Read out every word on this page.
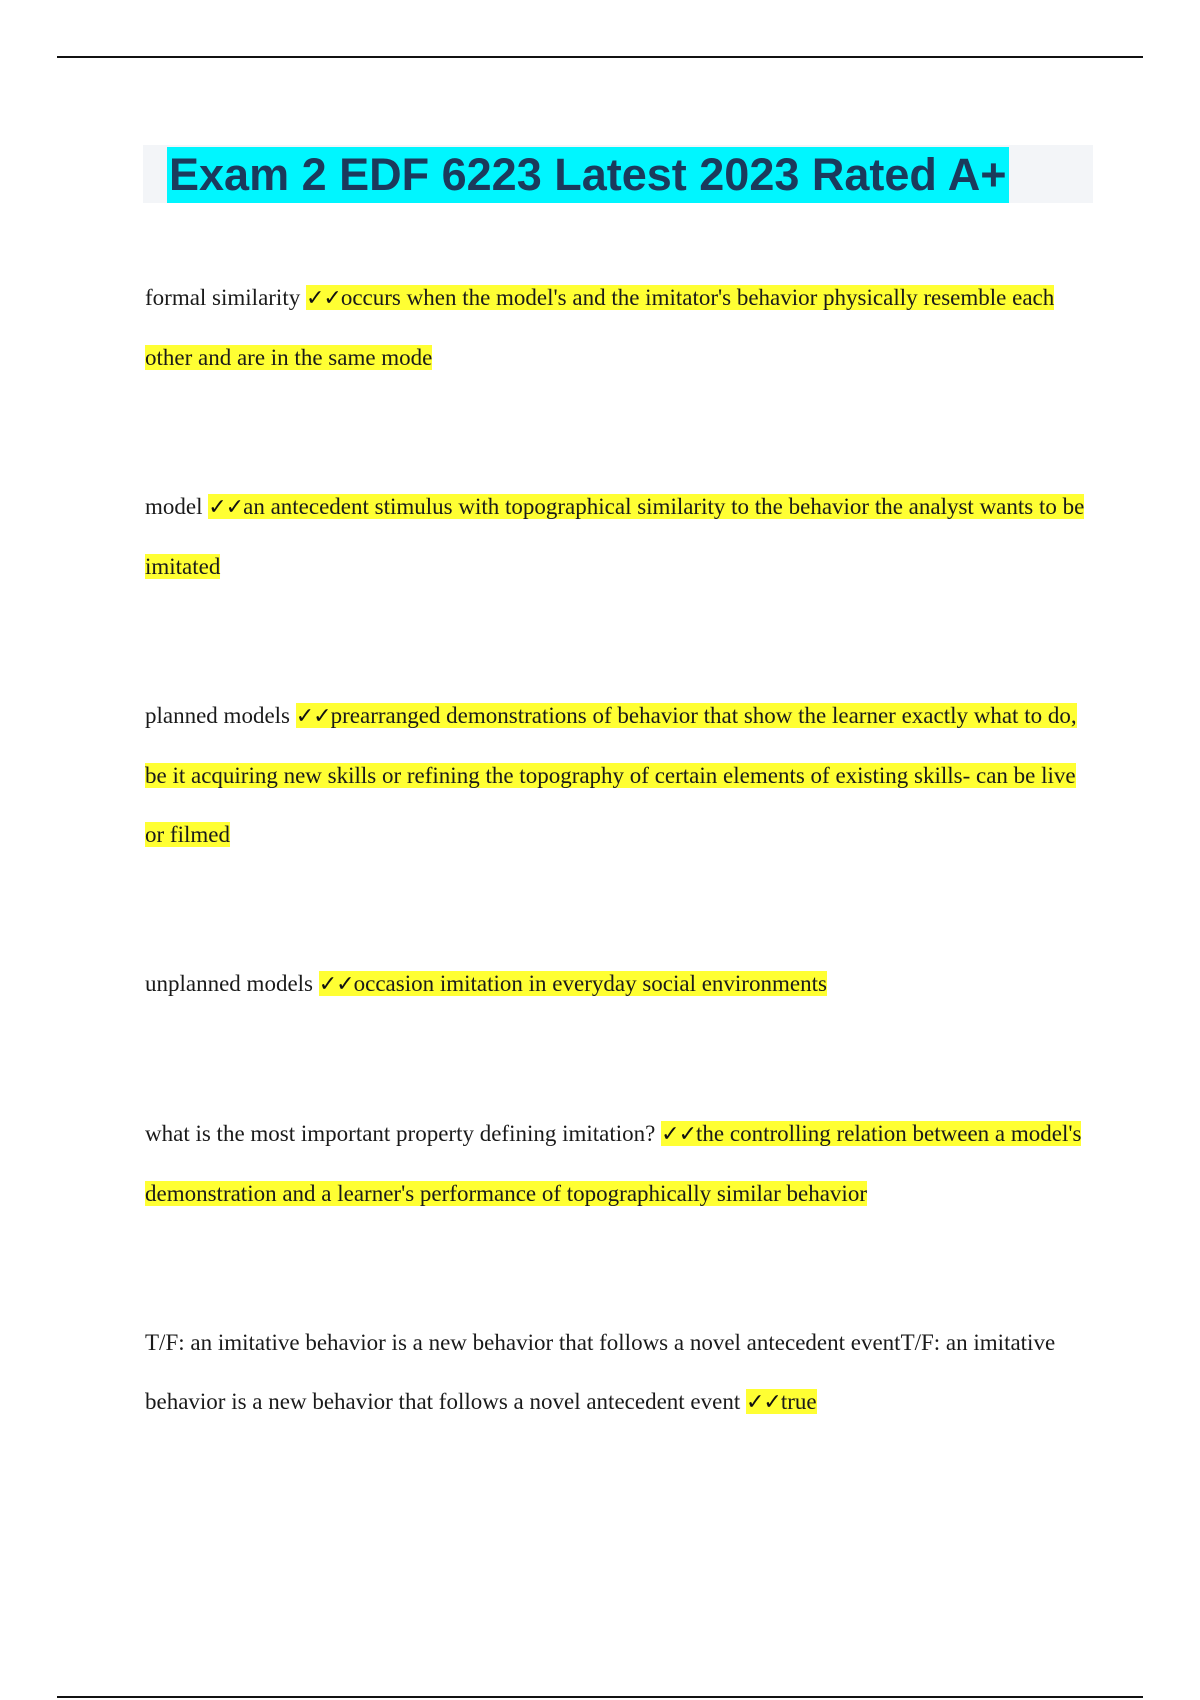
Exam 2 EDF 6223 Latest 2023 Rated A+
formal similarity ✓✓occurs when the model's and the imitator's behavior physically resemble each other and are in the same mode
model ✓✓an antecedent stimulus with topographical similarity to the behavior the analyst wants to be imitated
planned models ✓✓prearranged demonstrations of behavior that show the learner exactly what to do, be it acquiring new skills or refining the topography of certain elements of existing skills- can be live or filmed
unplanned models ✓✓occasion imitation in everyday social environments
what is the most important property defining imitation? ✓✓the controlling relation between a model's demonstration and a learner's performance of topographically similar behavior
T/F: an imitative behavior is a new behavior that follows a novel antecedent eventT/F: an imitative behavior is a new behavior that follows a novel antecedent event ✓✓true
